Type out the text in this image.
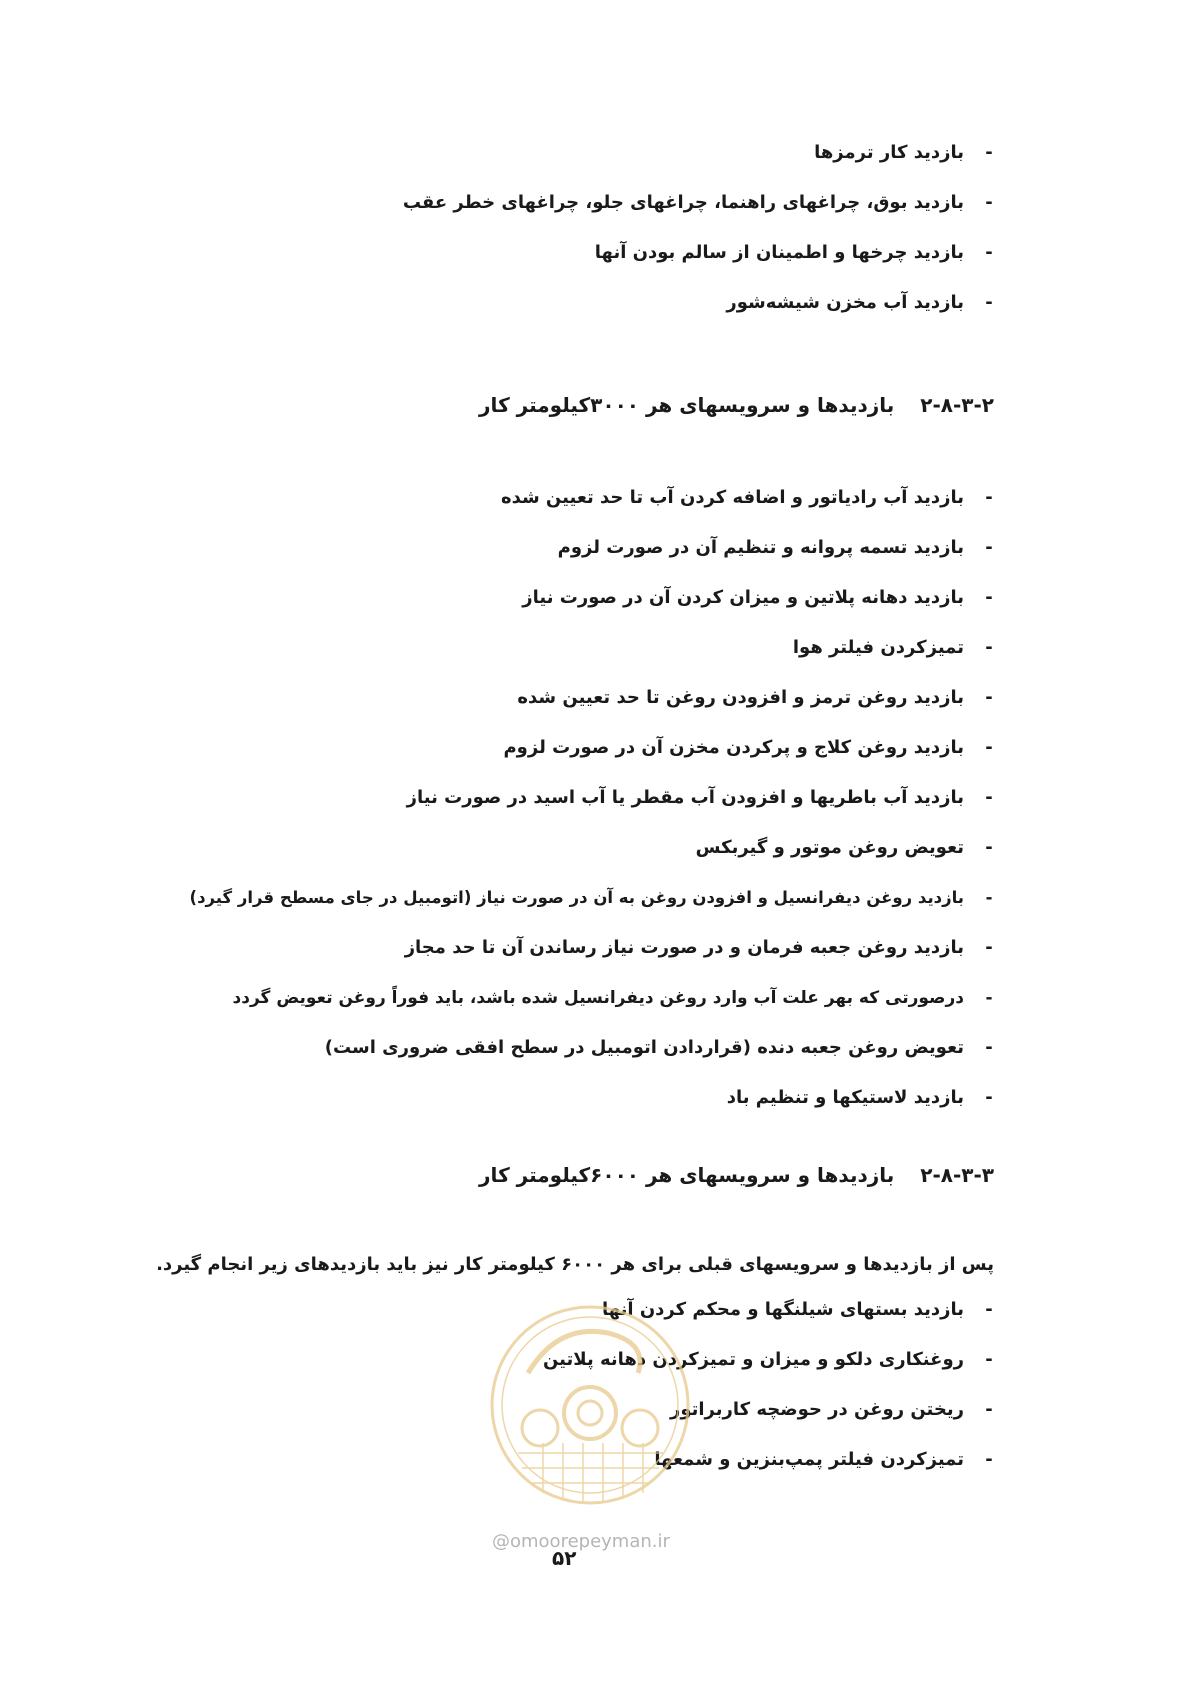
-
بازدید کار ترمزها
-
بازدید بوق، چراغهای راهنما، چراغهای جلو، چراغهای خطر عقب
-
بازدید چرخها و اطمینان از سالم بودن آنها
-
بازدید آب مخزن شیشه‌شور
۲-۸-۳-۲بازدیدها و سرویسهای هر ۳۰۰۰کیلومتر کار
-
بازدید آب رادیاتور و اضافه کردن آب تا حد تعیین شده
-
بازدید تسمه پروانه و تنظیم آن در صورت لزوم
-
بازدید دهانه پلاتین و میزان کردن آن در صورت نیاز
-
تمیزکردن فیلتر هوا
-
بازدید روغن ترمز و افزودن روغن تا حد تعیین شده
-
بازدید روغن کلاج و پرکردن مخزن آن در صورت لزوم
-
بازدید آب باطریها و افزودن آب مقطر یا آب اسید در صورت نیاز
-
تعویض روغن موتور و گیربکس
-
بازدید روغن دیفرانسیل و افزودن روغن به آن در صورت نیاز (اتومبیل در جای مسطح قرار گیرد)
-
بازدید روغن جعبه فرمان و در صورت نیاز رساندن آن تا حد مجاز
-
درصورتی که بهر علت آب وارد روغن دیفرانسیل شده باشد، باید فوراً روغن تعویض گردد
-
تعویض روغن جعبه دنده (قراردادن اتومبیل در سطح افقی ضروری است)
-
بازدید لاستیکها و تنظیم باد
۲-۸-۳-۳بازدیدها و سرویسهای هر ۶۰۰۰کیلومتر کار
پس از بازدیدها و سرویسهای قبلی برای هر ۶۰۰۰ کیلومتر کار نیز باید بازدیدهای زیر انجام گیرد.
-
بازدید بستهای شیلنگها و محکم کردن آنها
-
روغنکاری دلکو و میزان و تمیزکردن دهانه پلاتین
-
ریختن روغن در حوضچه کاربراتور
-
تمیزکردن فیلتر پمپ‌بنزین و شمعها
@omoorepeyman.ir
۵۲
